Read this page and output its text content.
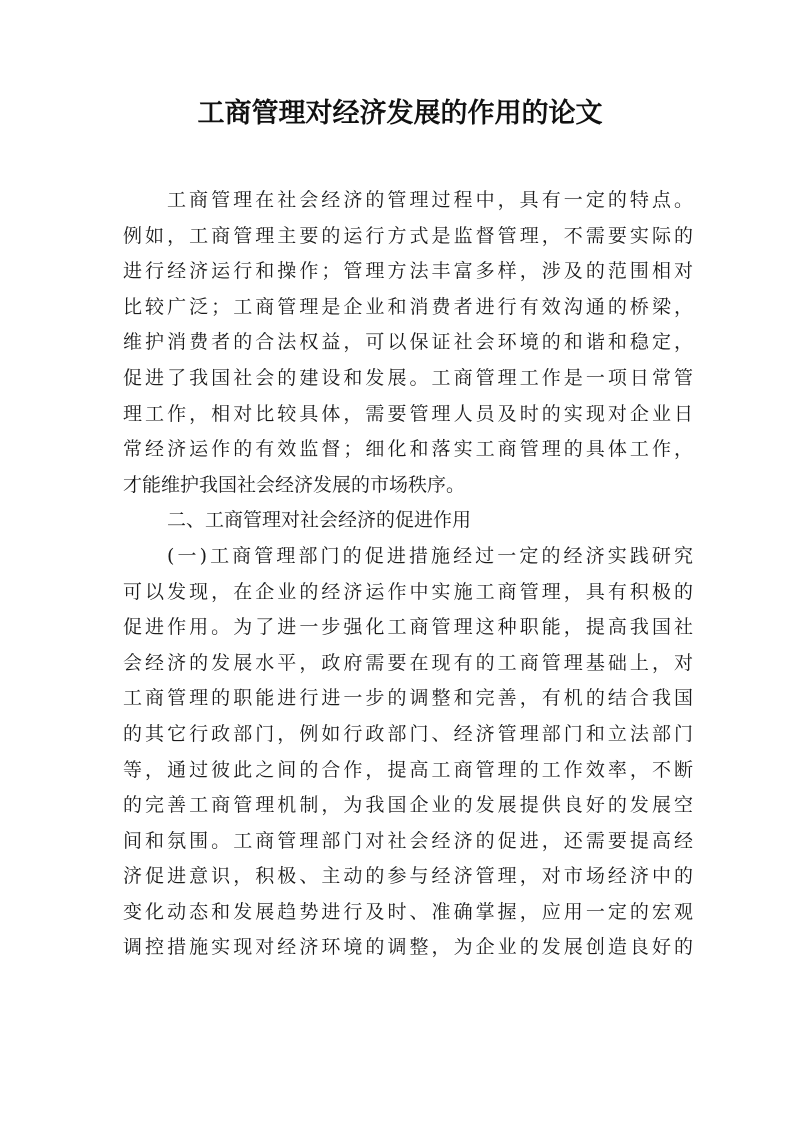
工商管理对经济发展的作用的论文
工商管理在社会经济的管理过程中，具有一定的特点。
例如，工商管理主要的运行方式是监督管理，不需要实际的
进行经济运行和操作；管理方法丰富多样，涉及的范围相对
比较广泛；工商管理是企业和消费者进行有效沟通的桥梁，
维护消费者的合法权益，可以保证社会环境的和谐和稳定，
促进了我国社会的建设和发展。工商管理工作是一项日常管
理工作，相对比较具体，需要管理人员及时的实现对企业日
常经济运作的有效监督；细化和落实工商管理的具体工作，
才能维护我国社会经济发展的市场秩序。
二、工商管理对社会经济的促进作用
(一)工商管理部门的促进措施经过一定的经济实践研究
可以发现，在企业的经济运作中实施工商管理，具有积极的
促进作用。为了进一步强化工商管理这种职能，提高我国社
会经济的发展水平，政府需要在现有的工商管理基础上，对
工商管理的职能进行进一步的调整和完善，有机的结合我国
的其它行政部门，例如行政部门、经济管理部门和立法部门
等，通过彼此之间的合作，提高工商管理的工作效率，不断
的完善工商管理机制，为我国企业的发展提供良好的发展空
间和氛围。工商管理部门对社会经济的促进，还需要提高经
济促进意识，积极、主动的参与经济管理，对市场经济中的
变化动态和发展趋势进行及时、准确掌握，应用一定的宏观
调控措施实现对经济环境的调整，为企业的发展创造良好的
